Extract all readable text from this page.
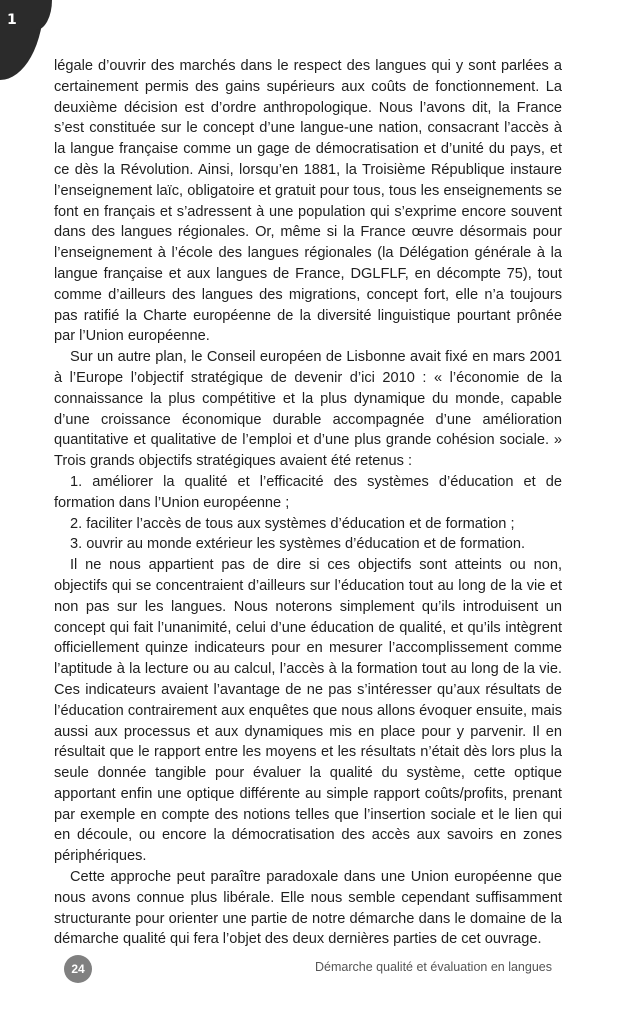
1

légale d’ouvrir des marchés dans le respect des langues qui y sont parlées a certainement permis des gains supérieurs aux coûts de fonctionnement. La deuxième décision est d’ordre anthropologique. Nous l’avons dit, la France s’est constituée sur le concept d’une langue-une nation, consacrant l’accès à la langue française comme un gage de démocratisation et d’unité du pays, et ce dès la Révolution. Ainsi, lorsqu’en 1881, la Troisième République instaure l’enseignement laïc, obligatoire et gratuit pour tous, tous les enseignements se font en français et s’adressent à une population qui s’exprime encore souvent dans des langues régionales. Or, même si la France œuvre désormais pour l’enseignement à l’école des langues régionales (la Délégation générale à la langue française et aux langues de France, DGLFLF, en décompte 75), tout comme d’ailleurs des langues des migrations, concept fort, elle n’a toujours pas ratifié la Charte européenne de la diversité linguistique pourtant prônée par l’Union européenne.

Sur un autre plan, le Conseil européen de Lisbonne avait fixé en mars 2001 à l’Europe l’objectif stratégique de devenir d’ici 2010 : « l’économie de la connaissance la plus compétitive et la plus dynamique du monde, capable d’une croissance économique durable accompagnée d’une amélioration quantitative et qualitative de l’emploi et d’une plus grande cohésion sociale. » Trois grands objectifs stratégiques avaient été retenus :

1. améliorer la qualité et l’efficacité des systèmes d’éducation et de formation dans l’Union européenne ;

2. faciliter l’accès de tous aux systèmes d’éducation et de formation ;

3. ouvrir au monde extérieur les systèmes d’éducation et de formation.

Il ne nous appartient pas de dire si ces objectifs sont atteints ou non, objectifs qui se concentraient d’ailleurs sur l’éducation tout au long de la vie et non pas sur les langues. Nous noterons simplement qu’ils introduisent un concept qui fait l’unanimité, celui d’une éducation de qualité, et qu’ils intègrent officiellement quinze indicateurs pour en mesurer l’accomplissement comme l’aptitude à la lecture ou au calcul, l’accès à la formation tout au long de la vie. Ces indicateurs avaient l’avantage de ne pas s’intéresser qu’aux résultats de l’éducation contrairement aux enquêtes que nous allons évoquer ensuite, mais aussi aux processus et aux dynamiques mis en place pour y parvenir. Il en résultait que le rapport entre les moyens et les résultats n’était dès lors plus la seule donnée tangible pour évaluer la qualité du système, cette optique apportant enfin une optique différente au simple rapport coûts/profits, prenant par exemple en compte des notions telles que l’insertion sociale et le lien qui en découle, ou encore la démocratisation des accès aux savoirs en zones périphériques.

Cette approche peut paraître paradoxale dans une Union européenne que nous avons connue plus libérale. Elle nous semble cependant suffisamment structurante pour orienter une partie de notre démarche dans le domaine de la démarche qualité qui fera l’objet des deux dernières parties de cet ouvrage.

24	Démarche qualité et évaluation en langues
